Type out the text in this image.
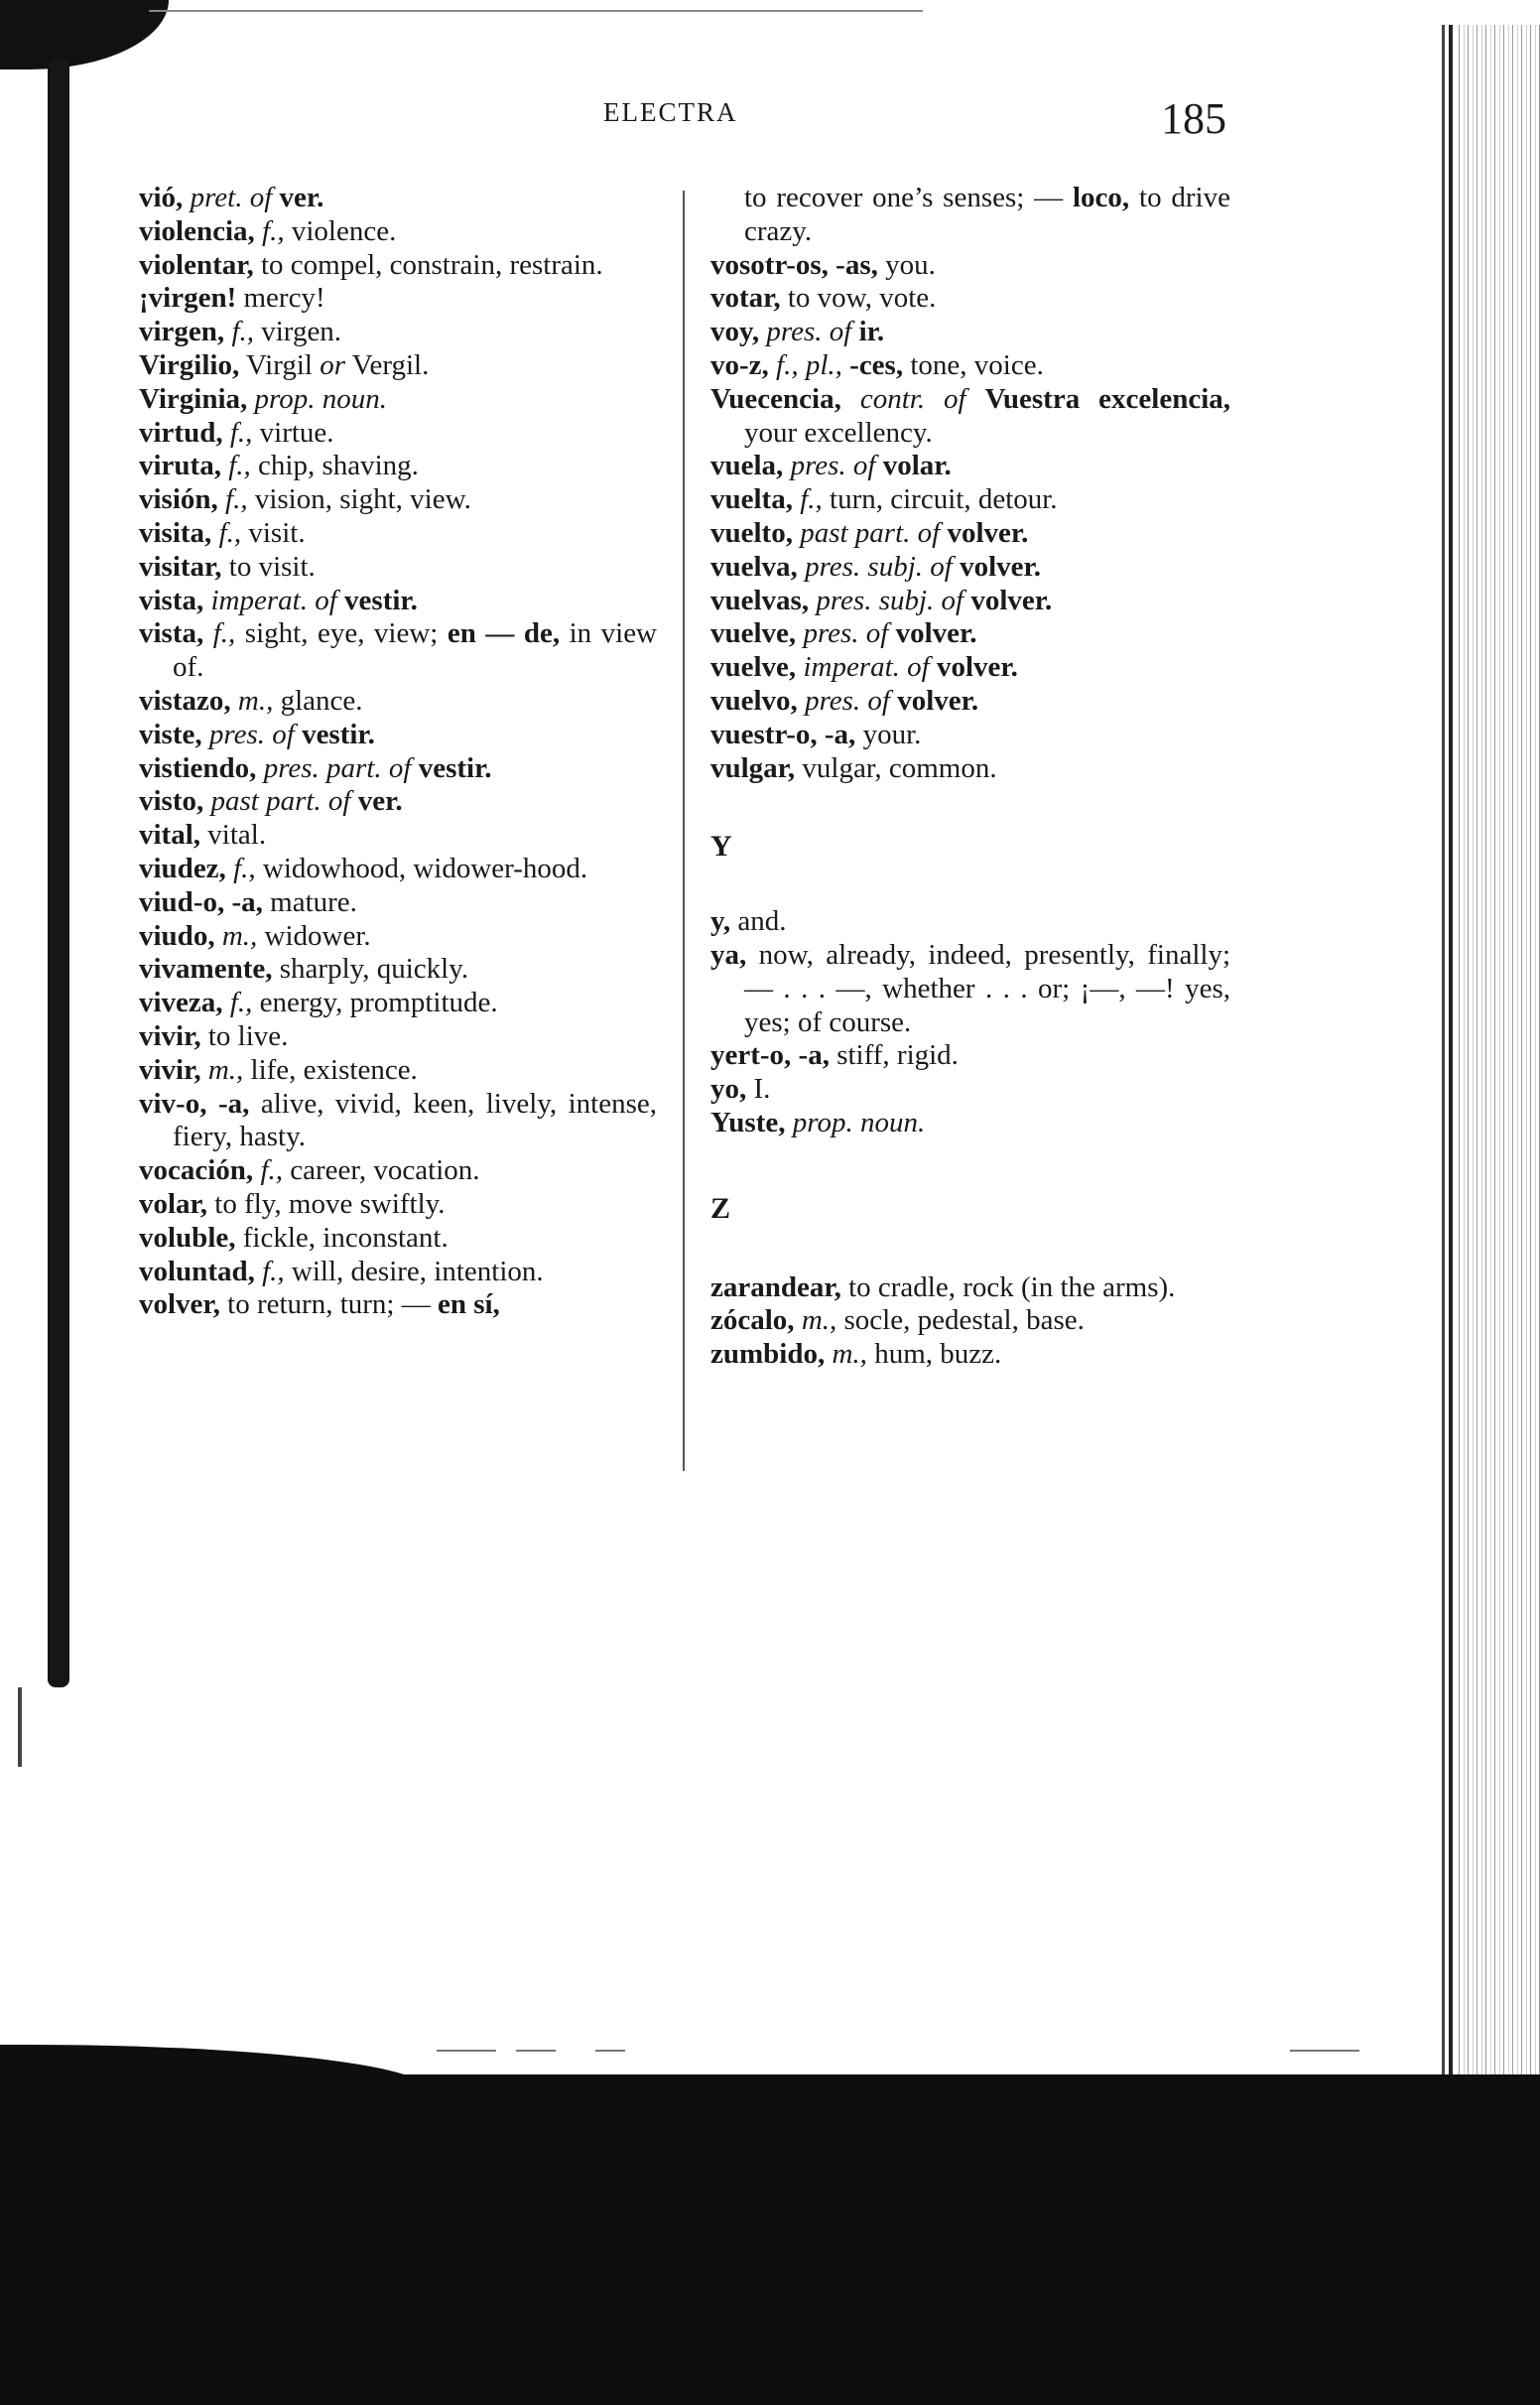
ELECTRA	185
vió, pret. of ver.
violencia, f., violence.
violentar, to compel, constrain, restrain.
¡virgen! mercy!
virgen, f., virgen.
Virgilio, Virgil or Vergil.
Virginia, prop. noun.
virtud, f., virtue.
viruta, f., chip, shaving.
visión, f., vision, sight, view.
visita, f., visit.
visitar, to visit.
vista, imperat. of vestir.
vista, f., sight, eye, view; en — de, in view of.
vistazo, m., glance.
viste, pres. of vestir.
vistiendo, pres. part. of vestir.
visto, past part. of ver.
vital, vital.
viudez, f., widowhood, widower-hood.
viud-o, -a, mature.
viudo, m., widower.
vivamente, sharply, quickly.
viveza, f., energy, promptitude.
vivir, to live.
vivir, m., life, existence.
viv-o, -a, alive, vivid, keen, lively, intense, fiery, hasty.
vocación, f., career, vocation.
volar, to fly, move swiftly.
voluble, fickle, inconstant.
voluntad, f., will, desire, intention.
volver, to return, turn; — en sí,
to recover one’s senses; — loco, to drive crazy.
vosotr-os, -as, you.
votar, to vow, vote.
voy, pres. of ir.
vo-z, f., pl., -ces, tone, voice.
Vuecencia, contr. of Vuestra excelencia, your excellency.
vuela, pres. of volar.
vuelta, f., turn, circuit, detour.
vuelto, past part. of volver.
vuelva, pres. subj. of volver.
vuelvas, pres. subj. of volver.
vuelve, pres. of volver.
vuelve, imperat. of volver.
vuelvo, pres. of volver.
vuestr-o, -a, your.
vulgar, vulgar, common.
Y
y, and.
ya, now, already, indeed, presently, finally; — . . . —, whether . . . or; ¡—, —! yes, yes; of course.
yert-o, -a, stiff, rigid.
yo, I.
Yuste, prop. noun.
Z
zarandear, to cradle, rock (in the arms).
zócalo, m., socle, pedestal, base.
zumbido, m., hum, buzz.
